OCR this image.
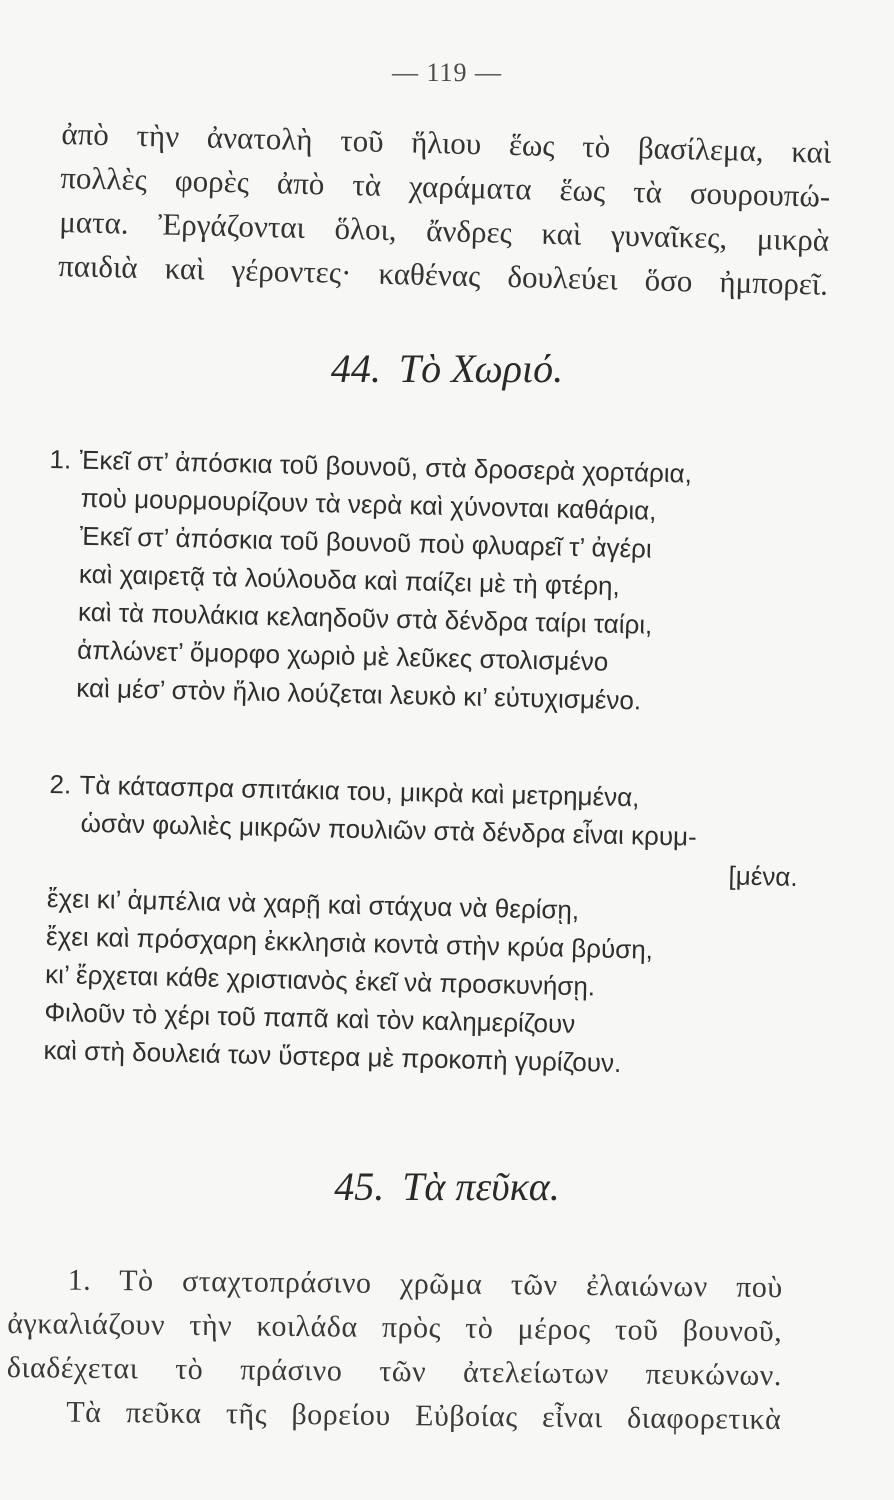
— 119 —
ἀπὸ τὴν ἀνατολὴ τοῦ ἥλιου ἕως τὸ βασίλεμα, καὶ
πολλὲς φορὲς ἀπὸ τὰ χαράματα ἕως τὰ σουρουπώ-
ματα. Ἐργάζονται ὅλοι, ἄνδρες καὶ γυναῖκες, μικρὰ
παιδιὰ καὶ γέροντες· καθένας δουλεύει ὅσο ἠμπορεῖ.
44. Τὸ Χωριό.
1. Ἐκεῖ στ’ ἀπόσκια τοῦ βουνοῦ, στὰ δροσερὰ χορτάρια,
ποὺ μουρμουρίζουν τὰ νερὰ καὶ χύνονται καθάρια,
Ἐκεῖ στ’ ἀπόσκια τοῦ βουνοῦ ποὺ φλυαρεῖ τ’ ἀγέρι
καὶ χαιρετᾷ τὰ λούλουδα καὶ παίζει μὲ τὴ φτέρη,
καὶ τὰ πουλάκια κελαηδοῦν στὰ δένδρα ταίρι ταίρι,
ἁπλώνετ’ ὄμορφο χωριὸ μὲ λεῦκες στολισμένο
καὶ μέσ’ στὸν ἥλιο λούζεται λευκὸ κι’ εὐτυχισμένο.
2. Τὰ κάτασπρα σπιτάκια του, μικρὰ καὶ μετρημένα,
ὡσὰν φωλιὲς μικρῶν πουλιῶν στὰ δένδρα εἶναι κρυμ-
[μένα.
ἔχει κι’ ἀμπέλια νὰ χαρῇ καὶ στάχυα νὰ θερίσῃ,
ἔχει καὶ πρόσχαρη ἐκκλησιὰ κοντὰ στὴν κρύα βρύση,
κι’ ἔρχεται κάθε χριστιανὸς ἐκεῖ νὰ προσκυνήσῃ.
Φιλοῦν τὸ χέρι τοῦ παπᾶ καὶ τὸν καλημερίζουν
καὶ στὴ δουλειά των ὕστερα μὲ προκοπὴ γυρίζουν.
45. Τὰ πεῦκα.
1. Τὸ σταχτοπράσινο χρῶμα τῶν ἐλαιώνων ποὺ
ἀγκαλιάζουν τὴν κοιλάδα πρὸς τὸ μέρος τοῦ βουνοῦ,
διαδέχεται τὸ πράσινο τῶν ἀτελείωτων πευκώνων.
Τὰ πεῦκα τῆς βορείου Εὐβοίας εἶναι διαφορετικὰ
